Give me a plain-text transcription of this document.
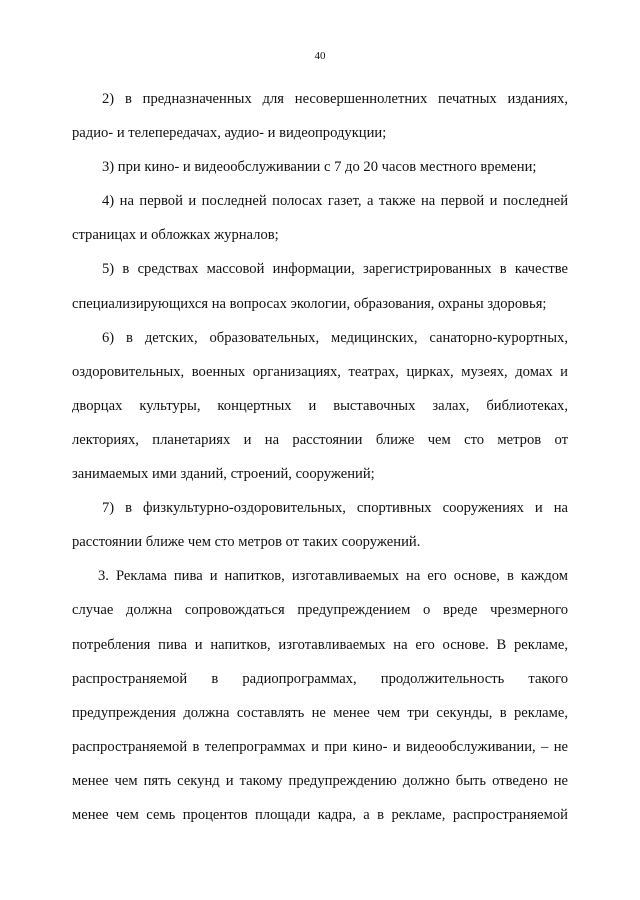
40
2) в предназначенных для несовершеннолетних печатных изданиях,
радио- и телепередачах, аудио- и видеопродукции;
3) при кино- и видеообслуживании с 7 до 20 часов местного времени;
4) на первой и последней полосах газет, а также на первой и последней
страницах и обложках журналов;
5) в средствах массовой информации, зарегистрированных в качестве
специализирующихся на вопросах экологии, образования, охраны здоровья;
6) в детских, образовательных, медицинских, санаторно-курортных,
оздоровительных, военных организациях, театрах, цирках, музеях, домах и
дворцах культуры, концертных и выставочных залах, библиотеках,
лекториях, планетариях и на расстоянии ближе чем сто метров от
занимаемых ими зданий, строений, сооружений;
7) в физкультурно-оздоровительных, спортивных сооружениях и на
расстоянии ближе чем сто метров от таких сооружений.
3. Реклама пива и напитков, изготавливаемых на его основе, в каждом
случае должна сопровождаться предупреждением о вреде чрезмерного
потребления пива и напитков, изготавливаемых на его основе. В рекламе,
распространяемой в радиопрограммах, продолжительность такого
предупреждения должна составлять не менее чем три секунды, в рекламе,
распространяемой в телепрограммах и при кино- и видеообслуживании, – не
менее чем пять секунд и такому предупреждению должно быть отведено не
менее чем семь процентов площади кадра, а в рекламе, распространяемой
